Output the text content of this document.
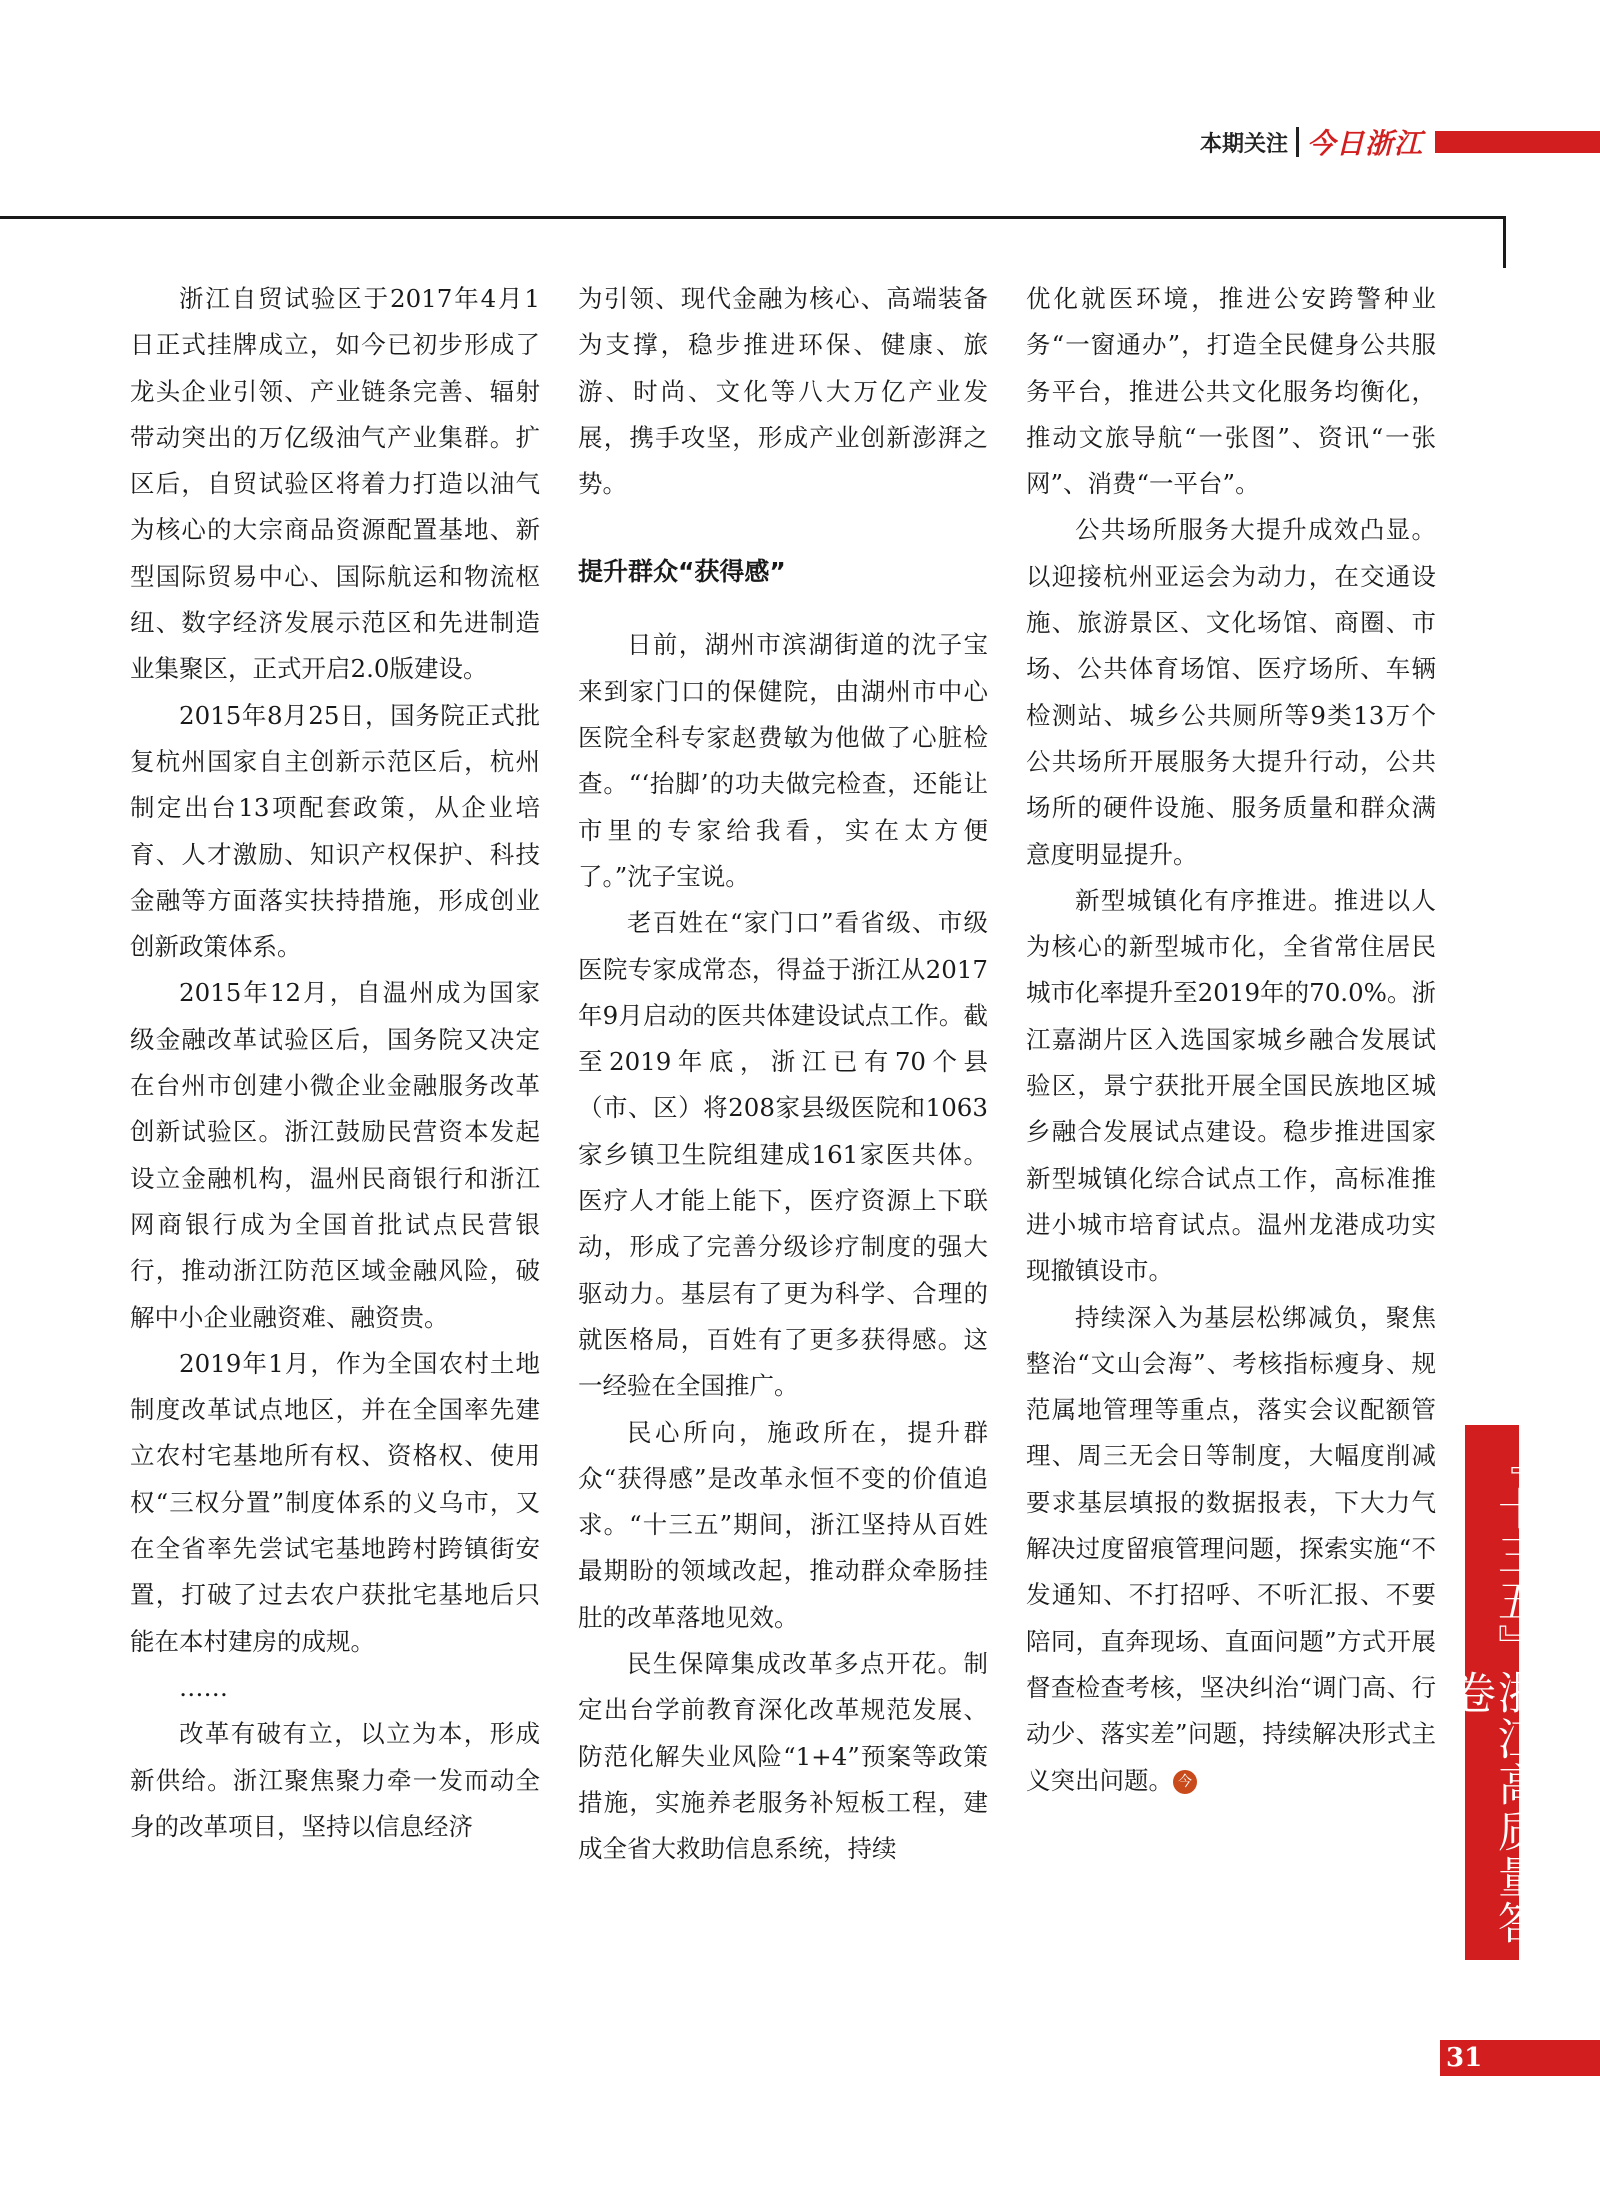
本期关注 今日浙江

浙江自贸试验区于2017年4月1日正式挂牌成立，如今已初步形成了龙头企业引领、产业链条完善、辐射带动突出的万亿级油气产业集群。扩区后，自贸试验区将着力打造以油气为核心的大宗商品资源配置基地、新型国际贸易中心、国际航运和物流枢纽、数字经济发展示范区和先进制造业集聚区，正式开启2.0版建设。

2015年8月25日，国务院正式批复杭州国家自主创新示范区后，杭州制定出台13项配套政策，从企业培育、人才激励、知识产权保护、科技金融等方面落实扶持措施，形成创业创新政策体系。

2015年12月，自温州成为国家级金融改革试验区后，国务院又决定在台州市创建小微企业金融服务改革创新试验区。浙江鼓励民营资本发起设立金融机构，温州民商银行和浙江网商银行成为全国首批试点民营银行，推动浙江防范区域金融风险，破解中小企业融资难、融资贵。

2019年1月，作为全国农村土地制度改革试点地区，并在全国率先建立农村宅基地所有权、资格权、使用权“三权分置”制度体系的义乌市，又在全省率先尝试宅基地跨村跨镇街安置，打破了过去农户获批宅基地后只能在本村建房的成规。

……

改革有破有立，以立为本，形成新供给。浙江聚焦聚力牵一发而动全身的改革项目，坚持以信息经济

为引领、现代金融为核心、高端装备为支撑，稳步推进环保、健康、旅游、时尚、文化等八大万亿产业发展，携手攻坚，形成产业创新澎湃之势。

提升群众“获得感”

日前，湖州市滨湖街道的沈子宝来到家门口的保健院，由湖州市中心医院全科专家赵费敏为他做了心脏检查。“‘抬脚’的功夫做完检查，还能让市里的专家给我看，实在太方便了。”沈子宝说。

老百姓在“家门口”看省级、市级医院专家成常态，得益于浙江从2017年9月启动的医共体建设试点工作。截至2019年底，浙江已有70个县（市、区）将208家县级医院和1063家乡镇卫生院组建成161家医共体。医疗人才能上能下，医疗资源上下联动，形成了完善分级诊疗制度的强大驱动力。基层有了更为科学、合理的就医格局，百姓有了更多获得感。这一经验在全国推广。

民心所向，施政所在，提升群众“获得感”是改革永恒不变的价值追求。“十三五”期间，浙江坚持从百姓最期盼的领域改起，推动群众牵肠挂肚的改革落地见效。

民生保障集成改革多点开花。制定出台学前教育深化改革规范发展、防范化解失业风险“1+4”预案等政策措施，实施养老服务补短板工程，建成全省大救助信息系统，持续

优化就医环境，推进公安跨警种业务“一窗通办”，打造全民健身公共服务平台，推进公共文化服务均衡化，推动文旅导航“一张图”、资讯“一张网”、消费“一平台”。

公共场所服务大提升成效凸显。以迎接杭州亚运会为动力，在交通设施、旅游景区、文化场馆、商圈、市场、公共体育场馆、医疗场所、车辆检测站、城乡公共厕所等9类13万个公共场所开展服务大提升行动，公共场所的硬件设施、服务质量和群众满意度明显提升。

新型城镇化有序推进。推进以人为核心的新型城市化，全省常住居民城市化率提升至2019年的70.0%。浙江嘉湖片区入选国家城乡融合发展试验区，景宁获批开展全国民族地区城乡融合发展试点建设。稳步推进国家新型城镇化综合试点工作，高标准推进小城市培育试点。温州龙港成功实现撤镇设市。

持续深入为基层松绑减负，聚焦整治“文山会海”、考核指标瘦身、规范属地管理等重点，落实会议配额管理、周三无会日等制度，大幅度削减要求基层填报的数据报表，下大力气解决过度留痕管理问题，探索实施“不发通知、不打招呼、不听汇报、不要陪同，直奔现场、直面问题”方式开展督查检查考核，坚决纠治“调门高、行动少、落实差”问题，持续解决形式主义突出问题。 今	『十三五』浙江高质量答卷
31
